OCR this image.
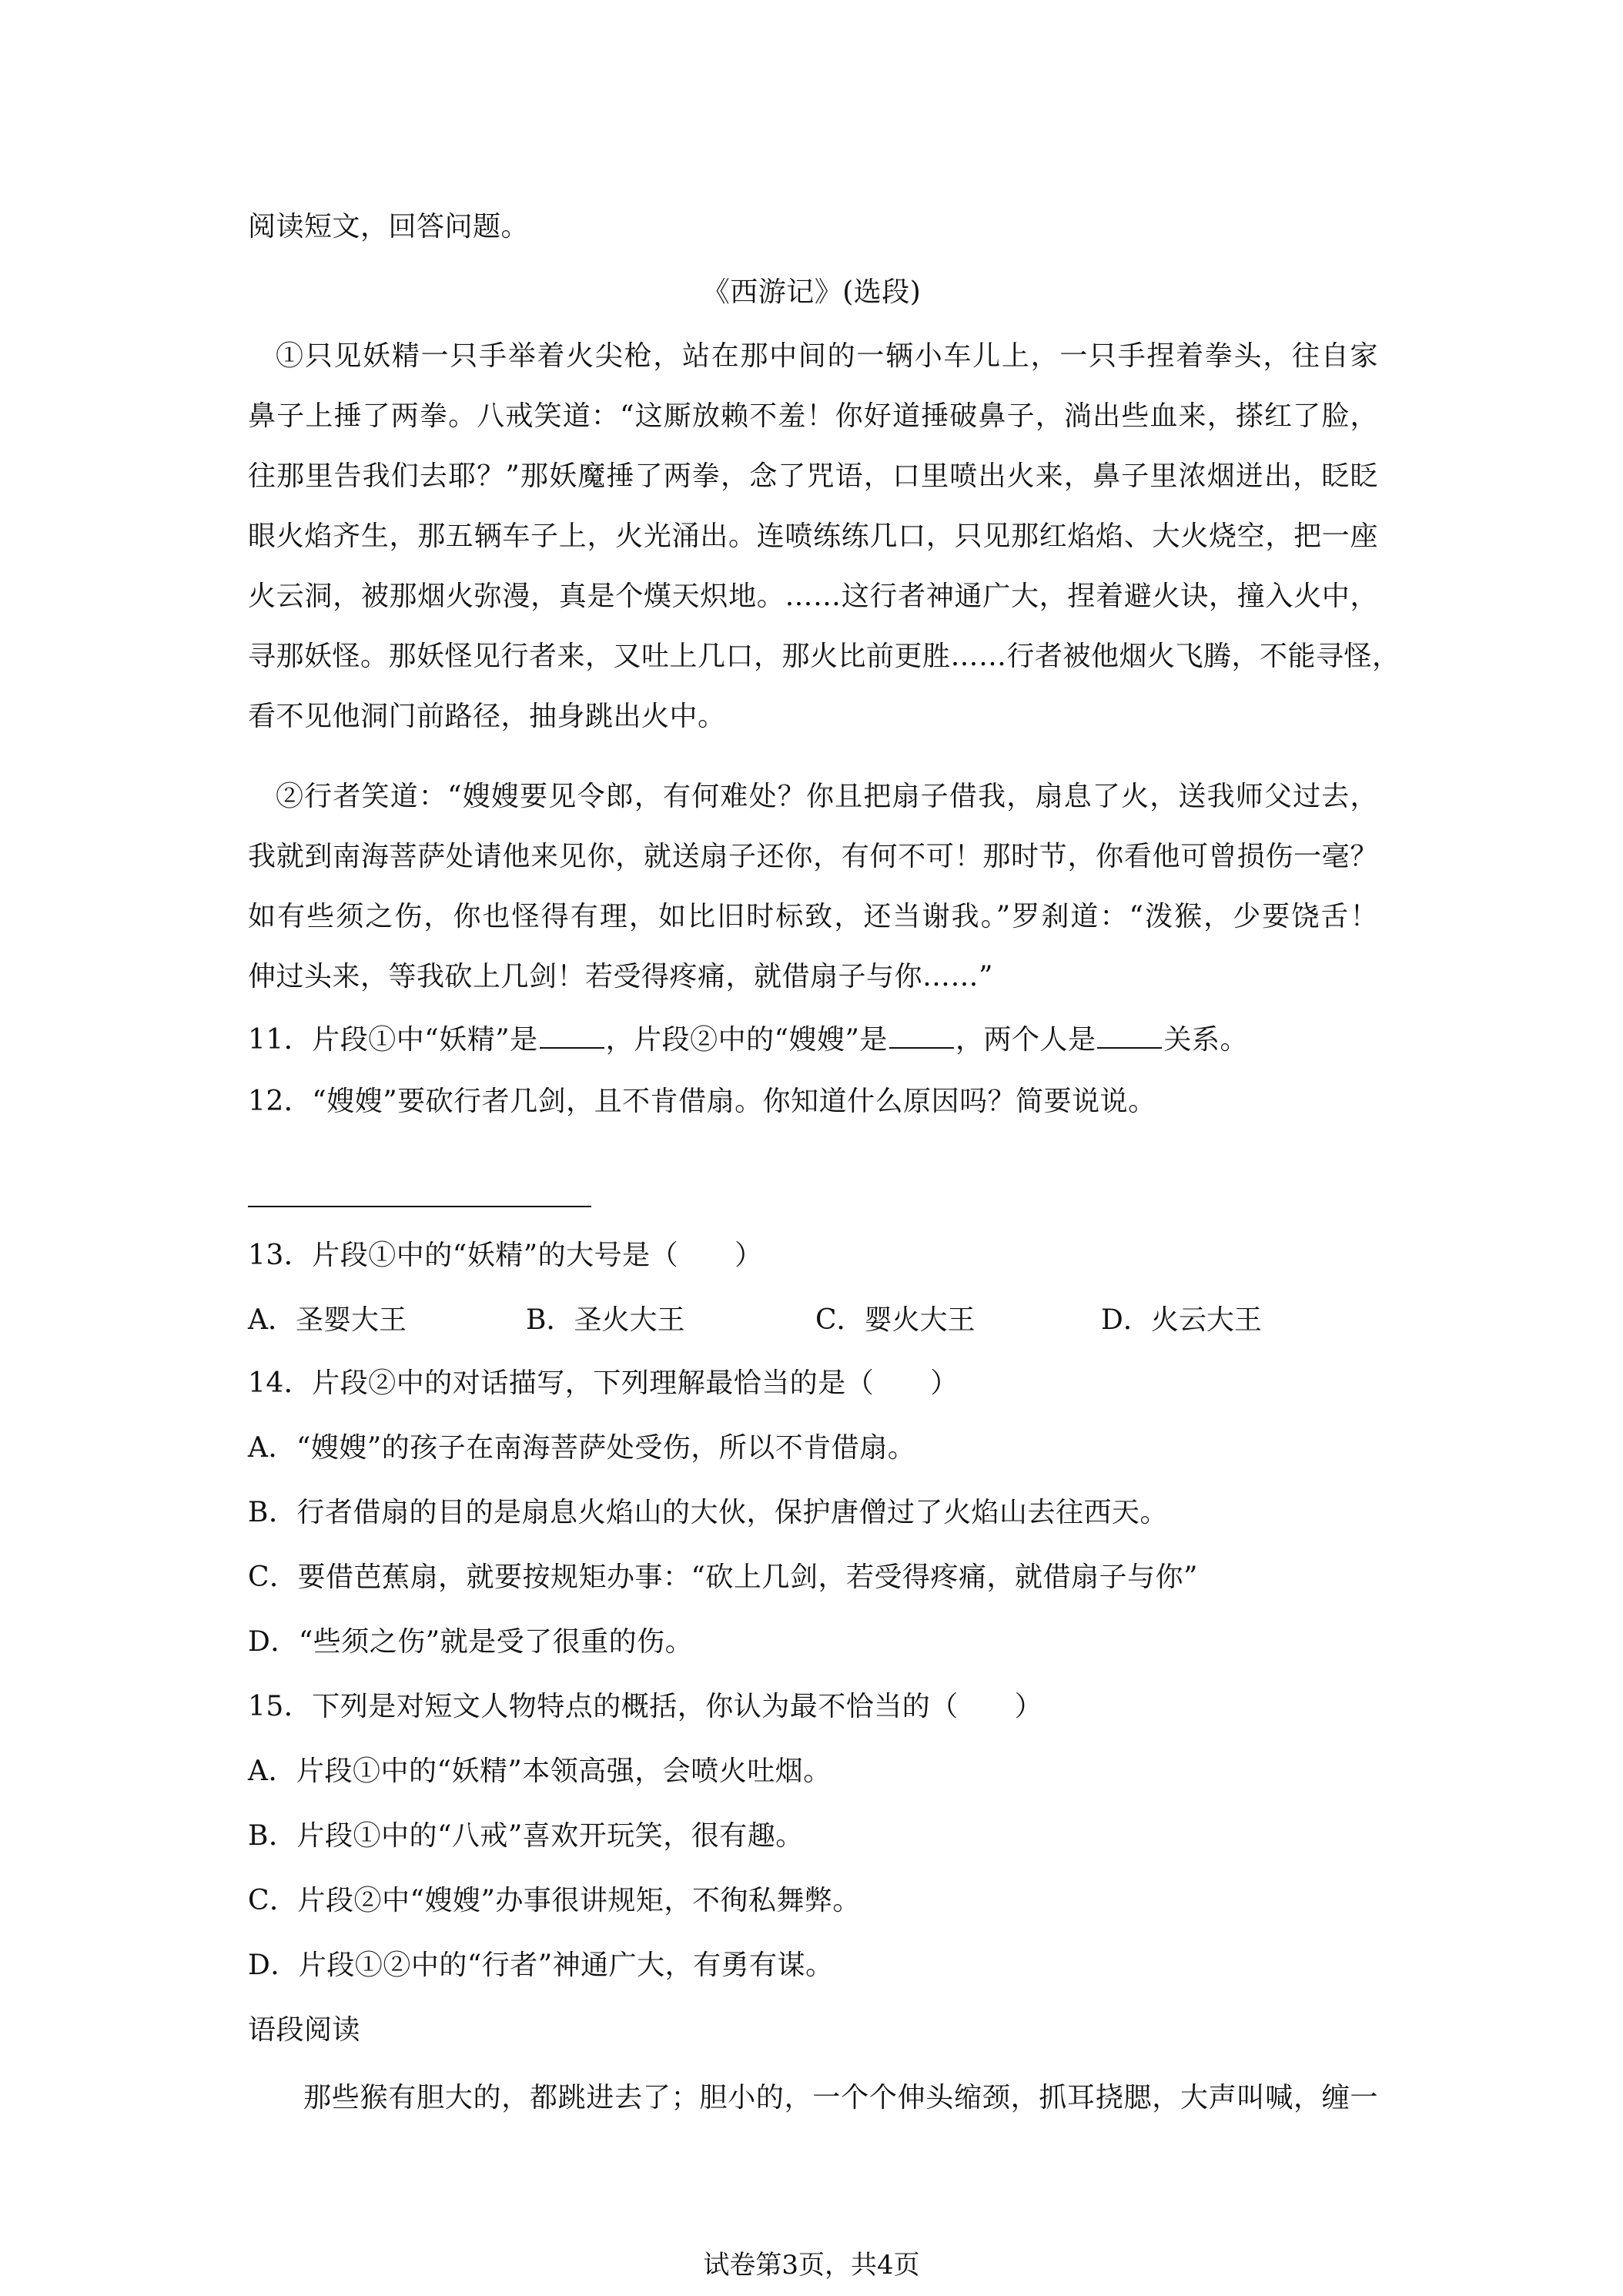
阅读短文，回答问题。
《西游记》(选段)
①只见妖精一只手举着火尖枪，站在那中间的一辆小车儿上，一只手捏着拳头，往自家
鼻子上捶了两拳。八戒笑道：“这厮放赖不羞！你好道捶破鼻子，淌出些血来，搽红了脸，
往那里告我们去耶？”那妖魔捶了两拳，念了咒语，口里喷出火来，鼻子里浓烟迸出，眨眨
眼火焰齐生，那五辆车子上，火光涌出。连喷练练几口，只见那红焰焰、大火烧空，把一座
火云洞，被那烟火弥漫，真是个熯天炽地。……这行者神通广大，捏着避火诀，撞入火中，
寻那妖怪。那妖怪见行者来，又吐上几口，那火比前更胜……行者被他烟火飞腾，不能寻怪，
看不见他洞门前路径，抽身跳出火中。
②行者笑道：“嫂嫂要见令郎，有何难处？你且把扇子借我，扇息了火，送我师父过去，
我就到南海菩萨处请他来见你，就送扇子还你，有何不可！那时节，你看他可曾损伤一毫？
如有些须之伤，你也怪得有理，如比旧时标致，还当谢我。”罗刹道：“泼猴，少要饶舌！
伸过头来，等我砍上几剑！若受得疼痛，就借扇子与你……”
11．片段①中“妖精”是 ，片段②中的“嫂嫂”是 ，两个人是 关系。
12．“嫂嫂”要砍行者几剑，且不肯借扇。你知道什么原因吗？简要说说。
13．片段①中的“妖精”的大号是（　　）
A．圣婴大王	B．圣火大王	C．婴火大王	D．火云大王
14．片段②中的对话描写，下列理解最恰当的是（　　）
A．“嫂嫂”的孩子在南海菩萨处受伤，所以不肯借扇。
B．行者借扇的目的是扇息火焰山的大伙，保护唐僧过了火焰山去往西天。
C．要借芭蕉扇，就要按规矩办事：“砍上几剑，若受得疼痛，就借扇子与你”
D．“些须之伤”就是受了很重的伤。
15．下列是对短文人物特点的概括，你认为最不恰当的（　　）
A．片段①中的“妖精”本领高强，会喷火吐烟。
B．片段①中的“八戒”喜欢开玩笑，很有趣。
C．片段②中“嫂嫂”办事很讲规矩，不徇私舞弊。
D．片段①②中的“行者”神通广大，有勇有谋。
语段阅读
那些猴有胆大的，都跳进去了；胆小的，一个个伸头缩颈，抓耳挠腮，大声叫喊，缠一
试卷第3页，共4页
